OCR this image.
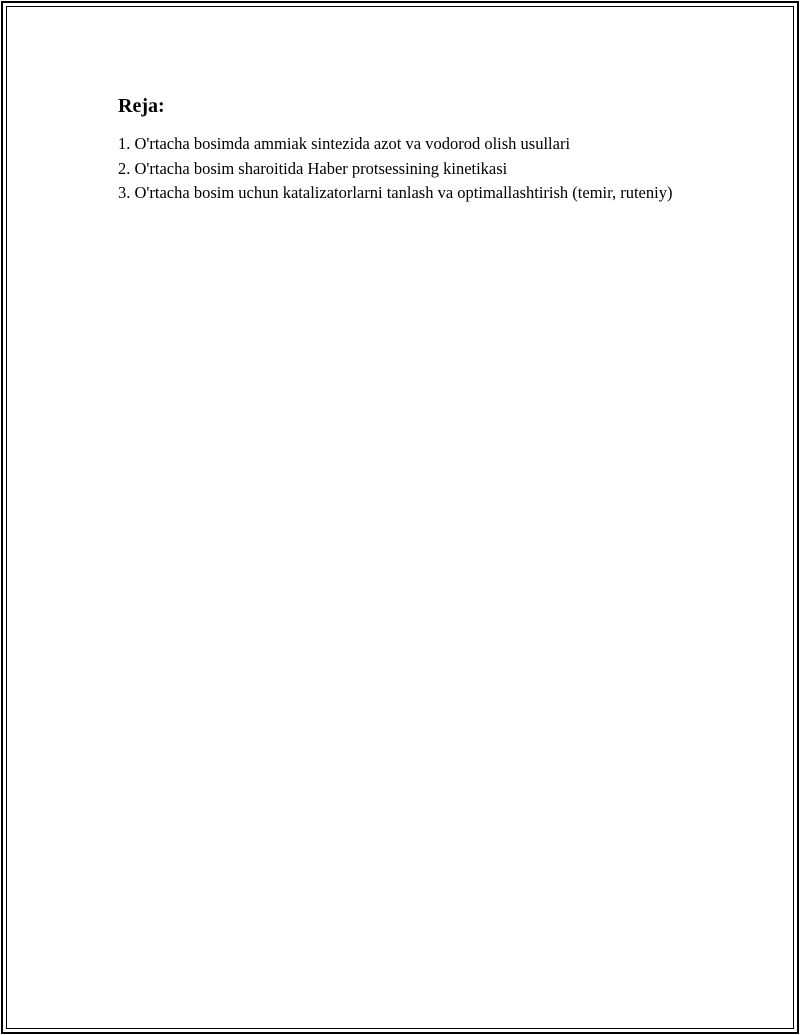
Reja:
1. O'rtacha bosimda ammiak sintezida azot va vodorod olish usullari
2. O'rtacha bosim sharoitida Haber protsessining kinetikasi
3. O'rtacha bosim uchun katalizatorlarni tanlash va optimallashtirish (temir, ruteniy)
